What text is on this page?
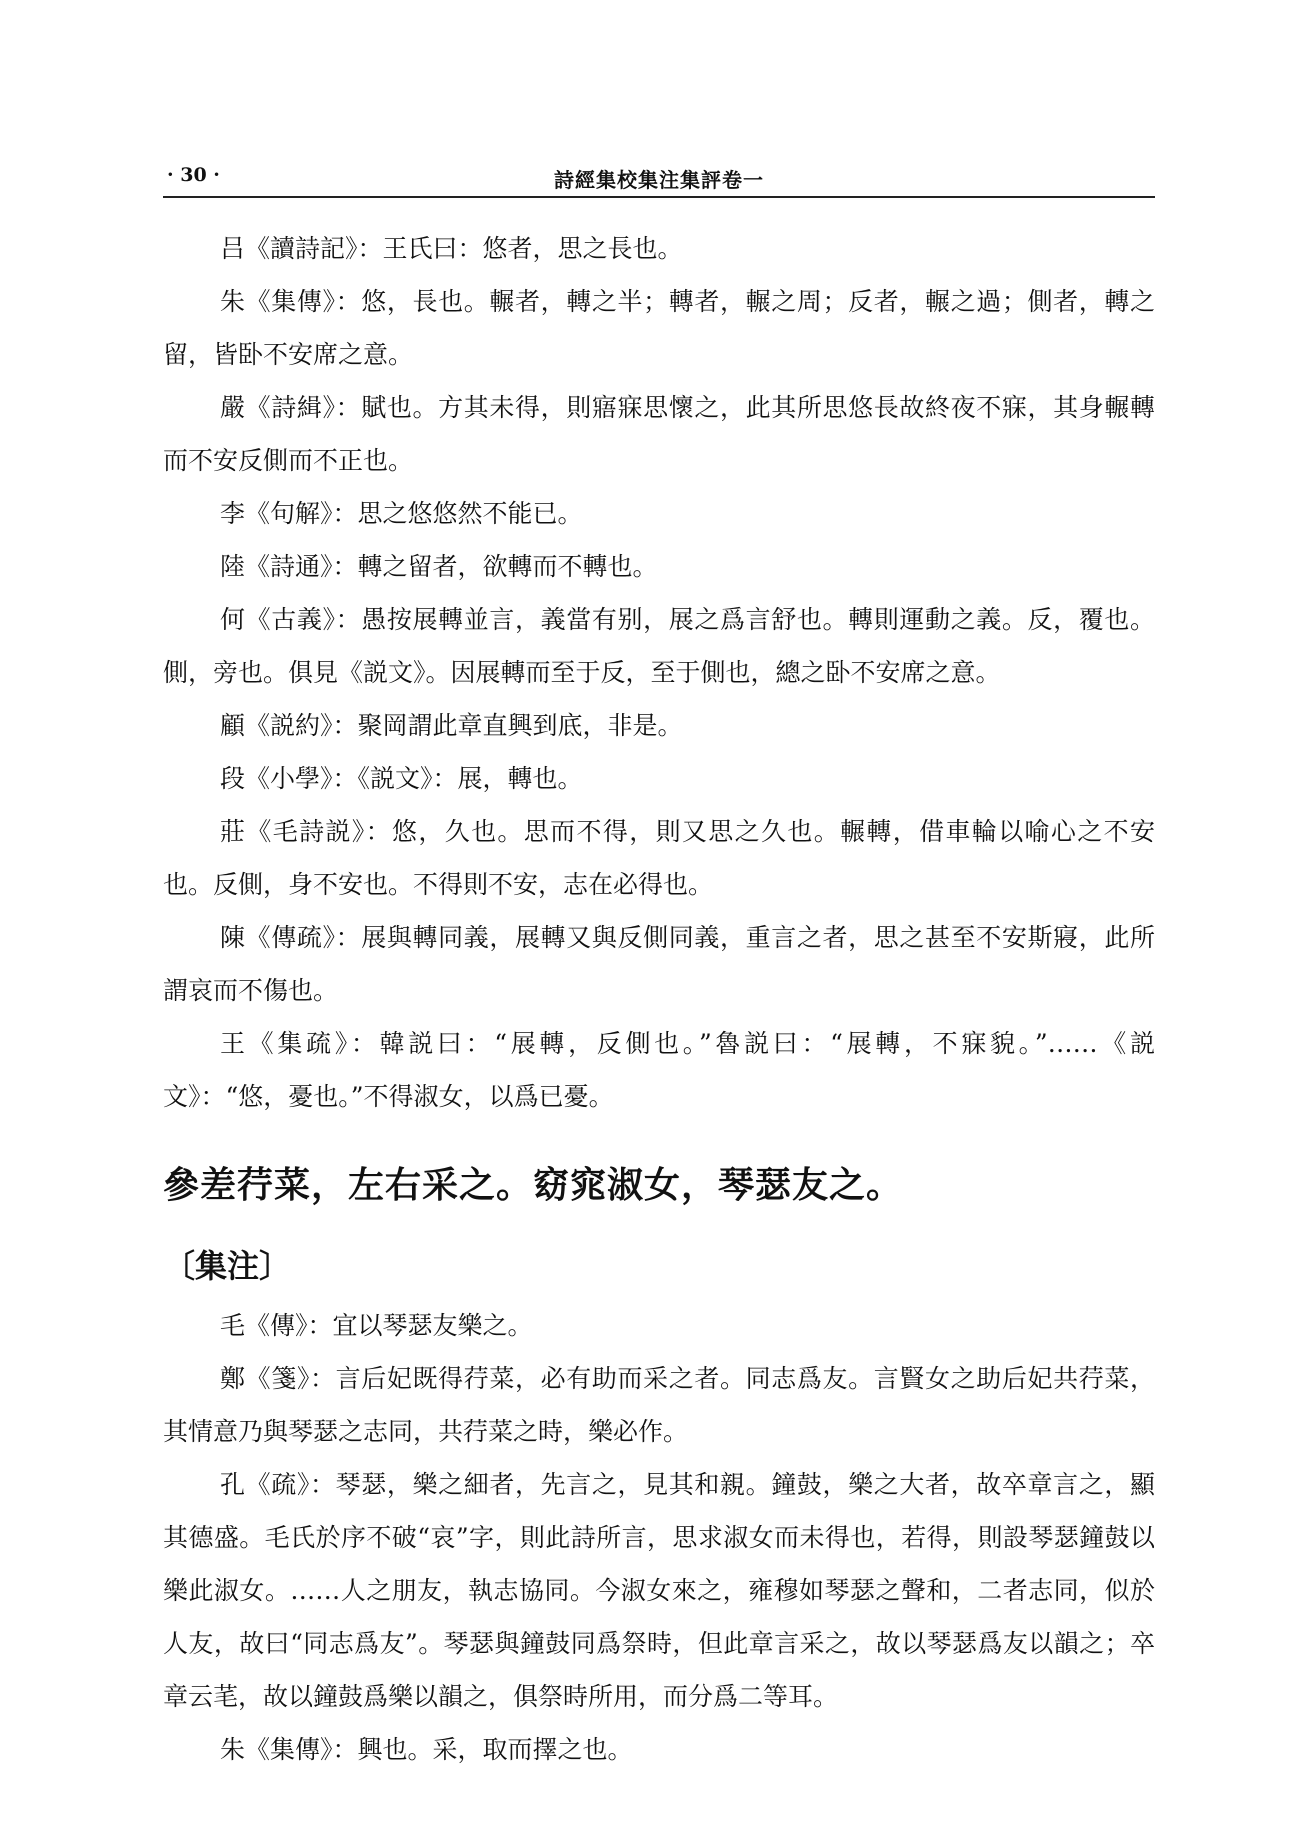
· 30 ·	詩經集校集注集評卷一

吕《讀詩記》：王氏曰：悠者，思之長也。

朱《集傳》：悠，長也。輾者，轉之半；轉者，輾之周；反者，輾之過；側者，轉之留，皆卧不安席之意。

嚴《詩緝》：賦也。方其未得，則寤寐思懷之，此其所思悠長故終夜不寐，其身輾轉而不安反側而不正也。

李《句解》：思之悠悠然不能已。

陸《詩通》：轉之留者，欲轉而不轉也。

何《古義》：愚按展轉並言，義當有别，展之爲言舒也。轉則運動之義。反，覆也。側，旁也。俱見《説文》。因展轉而至于反，至于側也，總之卧不安席之意。

顧《説約》：聚岡謂此章直興到底，非是。

段《小學》：《説文》：展，轉也。

莊《毛詩説》：悠，久也。思而不得，則又思之久也。輾轉，借車輪以喻心之不安也。反側，身不安也。不得則不安，志在必得也。

陳《傳疏》：展與轉同義，展轉又與反側同義，重言之者，思之甚至不安斯寢，此所謂哀而不傷也。

王《集疏》：韓説曰：“展轉，反側也。”魯説曰：“展轉，不寐貌。”……《説文》：“悠，憂也。”不得淑女，以爲已憂。

參差荇菜，左右采之。窈窕淑女，琴瑟友之。
〔集注〕

毛《傳》：宜以琴瑟友樂之。

鄭《箋》：言后妃既得荇菜，必有助而采之者。同志爲友。言賢女之助后妃共荇菜，其情意乃與琴瑟之志同，共荇菜之時，樂必作。

孔《疏》：琴瑟，樂之細者，先言之，見其和親。鐘鼓，樂之大者，故卒章言之，顯其德盛。毛氏於序不破“哀”字，則此詩所言，思求淑女而未得也，若得，則設琴瑟鐘鼓以樂此淑女。……人之朋友，執志協同。今淑女來之，雍穆如琴瑟之聲和，二者志同，似於人友，故曰“同志爲友”。琴瑟與鐘鼓同爲祭時，但此章言采之，故以琴瑟爲友以韻之；卒章云芼，故以鐘鼓爲樂以韻之，俱祭時所用，而分爲二等耳。

朱《集傳》：興也。采，取而擇之也。
